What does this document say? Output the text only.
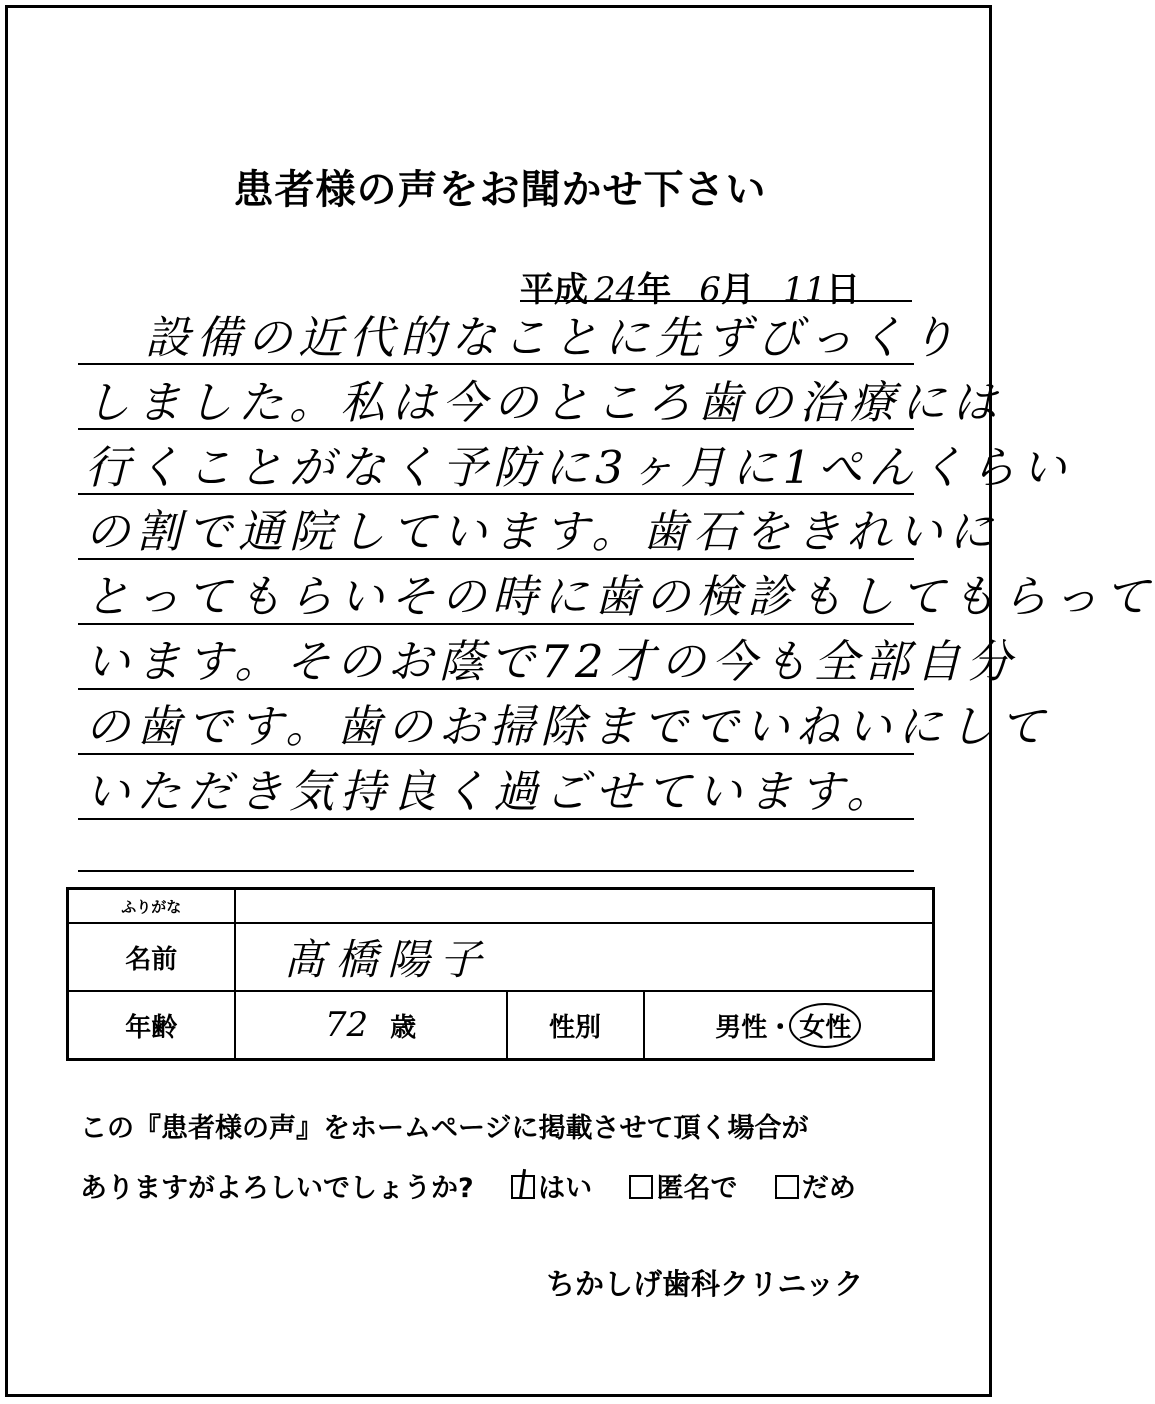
患者様の声をお聞かせ下さい
平成 24年 6月 11日
設備の近代的なことに先ずびっくり
しました。私は今のところ歯の治療には
行くことがなく予防に3ヶ月に1ぺんくらい
の割で通院しています。歯石をきれいに
とってもらいその時に歯の検診もしてもらって
います。そのお蔭で72才の今も全部自分
の歯です。歯のお掃除まででいねいにして
いただき気持良く過ごせています。
ふりがな			
名前	髙橋陽子		
年齢	72 歳	性別	男性・ 女性
この『患者様の声』をホームページに掲載させて頂く場合が
ありますがよろしいでしょうか? はい 匿名で だめ
ちかしげ歯科クリニック
